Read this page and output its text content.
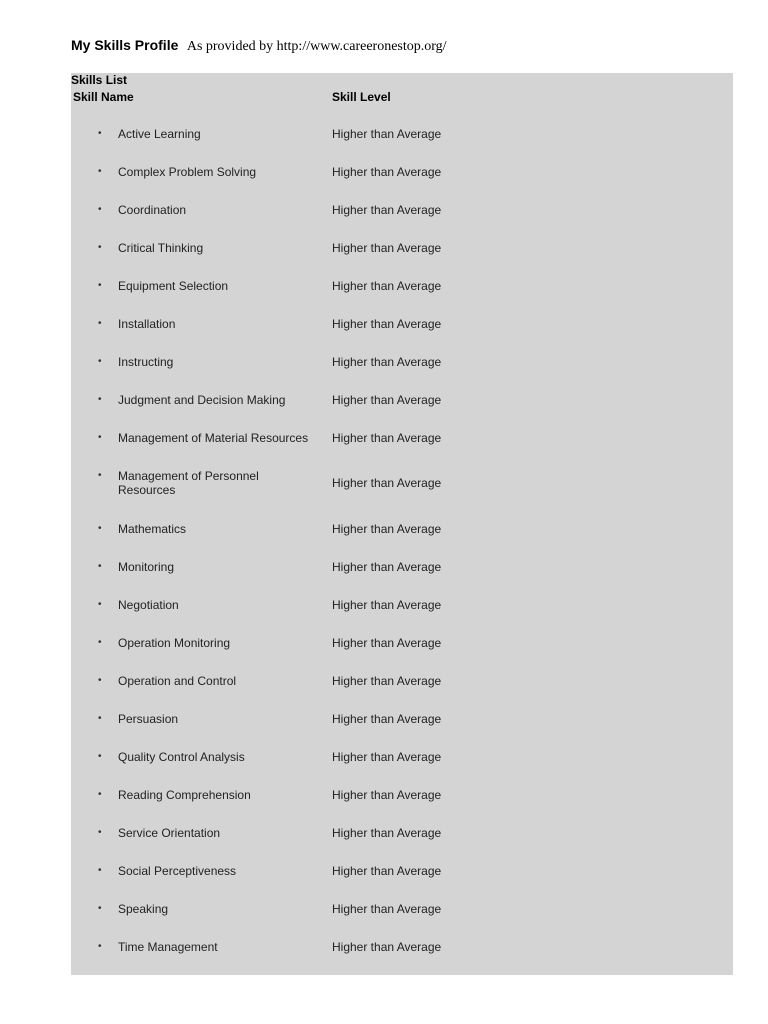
My Skills Profile As provided by http://www.careeronestop.org/
Skills List
Skill Name	Skill Level
• Active Learning	Higher than Average
• Complex Problem Solving	Higher than Average
• Coordination	Higher than Average
• Critical Thinking	Higher than Average
• Equipment Selection	Higher than Average
• Installation	Higher than Average
• Instructing	Higher than Average
• Judgment and Decision Making	Higher than Average
• Management of Material Resources	Higher than Average
• Management of Personnel Resources	Higher than Average
• Mathematics	Higher than Average
• Monitoring	Higher than Average
• Negotiation	Higher than Average
• Operation Monitoring	Higher than Average
• Operation and Control	Higher than Average
• Persuasion	Higher than Average
• Quality Control Analysis	Higher than Average
• Reading Comprehension	Higher than Average
• Service Orientation	Higher than Average
• Social Perceptiveness	Higher than Average
• Speaking	Higher than Average
• Time Management	Higher than Average
